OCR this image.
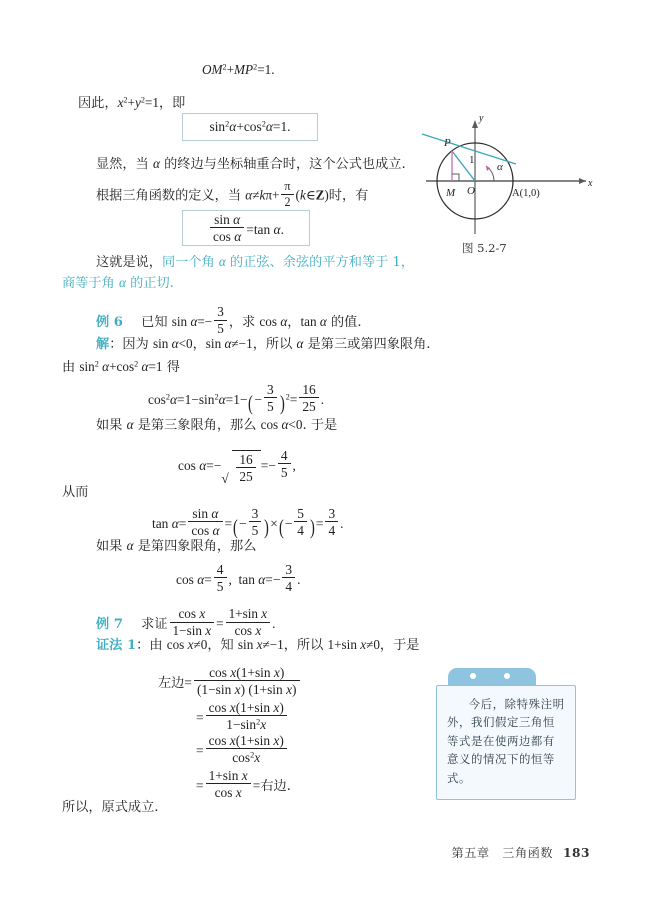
$OM^2+MP^2=1$.
因此，$x^2+y^2=1$，即
$\sin^2\alpha+\cos^2\alpha=1$.
显然，当 α 的终边与坐标轴重合时，这个公式也成立.
根据三角函数的定义，当 $\alpha\ne k\pi+ \frac{\pi}{2}$ (k∈Z)时，有
$\frac{\text{sin α}}{\text{cos α}} =\tan$ α.
这就是说，同一个角 α 的正弦、余弦的平方和等于 1，
商等于角 α 的正切.
y
x
O
P
M	A(1,0)
1
α
图 5.2-7
例 6 已知 $\sin \alpha=- \frac{3}{5}$ ，求 cos α，tan α 的值.
解：因为 sin α<0，sin α≠−1，所以 α 是第三或第四象限角.
由 $\sin^2 \alpha+\cos^2$ α=1 得
$\cos^2\alpha=1-\sin^2\alpha=1-(- \frac{3}{5} )^2= \frac{16}{25}$ .
如果 α 是第三象限角，那么 cos α<0. 于是
cos α=−
√ $\frac{16}{25} =- \frac{4}{5}$ ,
从而
$\tan \alpha= \frac{\text{sin α}}{\text{cos α}}$ =(− $\frac{3}{5}$ )×(− $\frac{5}{4}$ )= $\frac{3}{4}$ .
如果 α 是第四象限角，那么
$\cos \alpha= \frac{4}{5}$ ,  $\tan \alpha=- \frac{3}{4}$ .
例 7 求证 $\frac{\text{cos x}}{\text{1−sin x}} = \frac{\text{1+sin x}}{\text{cos x}}$ .
证法 1：由 cos x≠0，知 sin x≠−1，所以 1+sin x≠0，于是
左边= $\frac{\text{cos x(1+sin x)}}{\text{(1−sin x) (1+sin x)}}$
= $\frac{\text{cos x(1+sin x)}}{1-\sin^2x}$
= $\frac{\text{cos x(1+sin x)}}{\cos^2x}$
= $\frac{\text{1+sin x}}{\text{cos x}}$ =右边.
所以，原式成立.
今后，除特殊注明外，我们假定三角恒等式是在使两边都有意义的情况下的恒等式。
第五章　三角函数 183
